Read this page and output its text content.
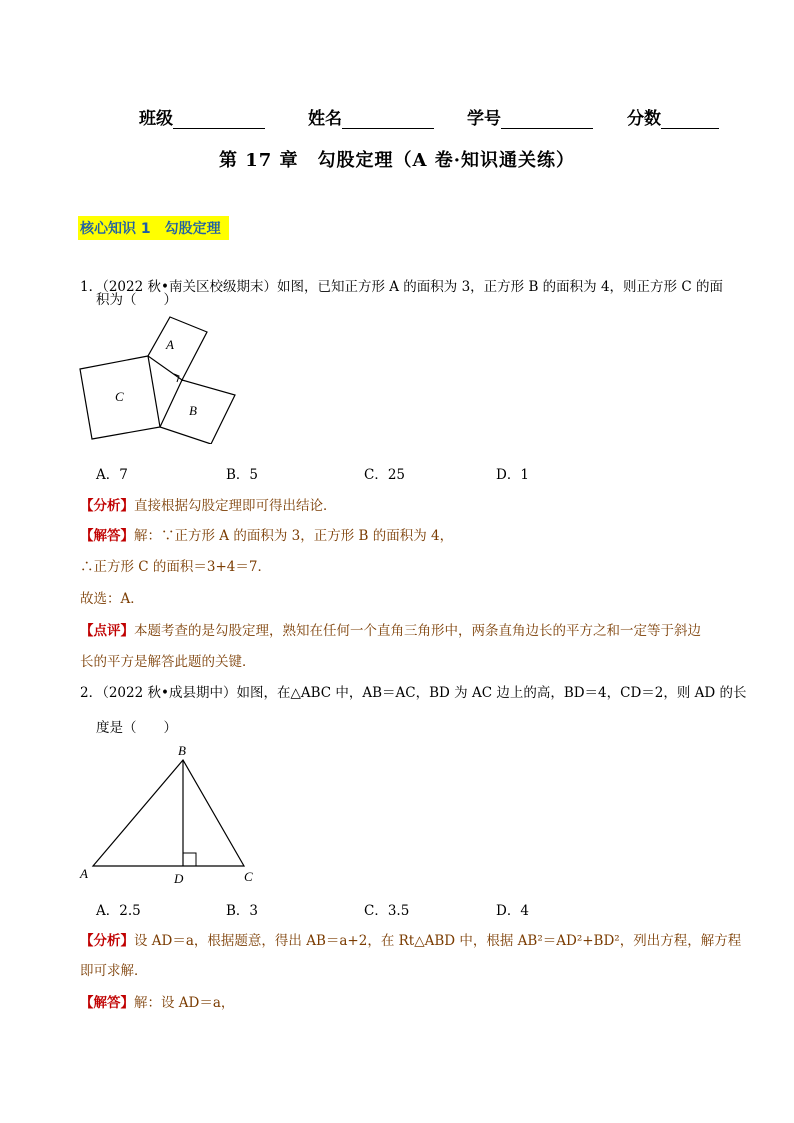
班级	姓名	学号	分数
第 17 章　勾股定理（A 卷·知识通关练）
核心知识 1　勾股定理
1．（2022 秋•南关区校级期末）如图，已知正方形 A 的面积为 3，正方形 B 的面积为 4，则正方形 C 的面
积为（　　）
A
B
C
A．7	B．5	C．25	D．1
【分析】直接根据勾股定理即可得出结论．
【解答】解：∵正方形 A 的面积为 3，正方形 B 的面积为 4，
∴正方形 C 的面积＝3+4＝7．
故选：A．
【点评】本题考查的是勾股定理，熟知在任何一个直角三角形中，两条直角边长的平方之和一定等于斜边
长的平方是解答此题的关键．
2．（2022 秋•成县期中）如图，在△ABC 中，AB＝AC，BD 为 AC 边上的高，BD＝4，CD＝2，则 AD 的长
度是（　　）
B
A	D	C
A．2.5	B．3	C．3.5	D．4
【分析】设 AD＝a，根据题意，得出 AB＝a+2，在 Rt△ABD 中，根据 AB²＝AD²+BD²，列出方程，解方程
即可求解．
【解答】解：设 AD＝a，
